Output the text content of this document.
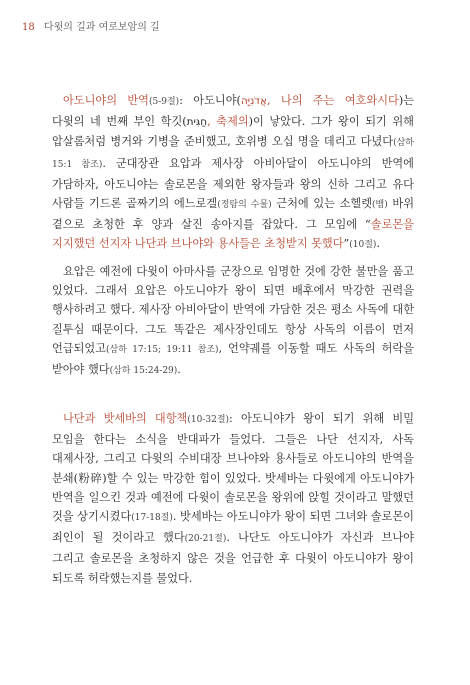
18 다윗의 길과 여로보암의 길
아도니야의 반역(5-9절): 아도니야(אֲדֹנִיָּה, 나의 주는 여호와시다)는 다윗의 네 번째 부인 학깃(חַגִּית, 축제의)이 낳았다. 그가 왕이 되기 위해 압살롬처럼 병거와 기병을 준비했고, 호위병 오십 명을 데리고 다녔다(삼하 15:1 참조). 군대장관 요압과 제사장 아비아달이 아도니야의 반역에 가담하자, 아도니야는 솔로몬을 제외한 왕자들과 왕의 신하 그리고 유다 사람들 기드론 골짜기의 에느로겔(정탐의 수물) 근처에 있는 소헬렛(뱀) 바위 곁으로 초청한 후 양과 살진 송아지를 잡았다. 그 모임에 “솔로몬을 지지했던 선지자 나단과 브나야와 용사들은 초청받지 못했다”(10절).
요압은 예전에 다윗이 아마사를 군장으로 임명한 것에 강한 불만을 품고 있었다. 그래서 요압은 아도니야가 왕이 되면 배후에서 막강한 권력을 행사하려고 했다. 제사장 아비아달이 반역에 가담한 것은 평소 사독에 대한 질투심 때문이다. 그도 똑같은 제사장인데도 항상 사독의 이름이 먼저 언급되었고(삼하 17:15; 19:11 참조), 언약궤를 이동할 때도 사독의 허락을 받아야 했다(삼하 15:24-29).
나단과 밧세바의 대항책(10-32절): 아도니야가 왕이 되기 위해 비밀 모임을 한다는 소식을 반대파가 들었다. 그들은 나단 선지자, 사독 대제사장, 그리고 다윗의 수비대장 브나야와 용사들로 아도니야의 반역을 분쇄(粉碎)할 수 있는 막강한 힘이 있었다. 밧세바는 다윗에게 아도니야가 반역을 일으킨 것과 예전에 다윗이 솔로몬을 왕위에 앉힐 것이라고 말했던 것을 상기시켰다(17-18절). 밧세바는 아도니야가 왕이 되면 그녀와 솔로몬이 죄인이 될 것이라고 했다(20-21절). 나단도 아도니야가 자신과 브나야 그리고 솔로몬을 초청하지 않은 것을 언급한 후 다윗이 아도니야가 왕이 되도록 허락했는지를 물었다.
